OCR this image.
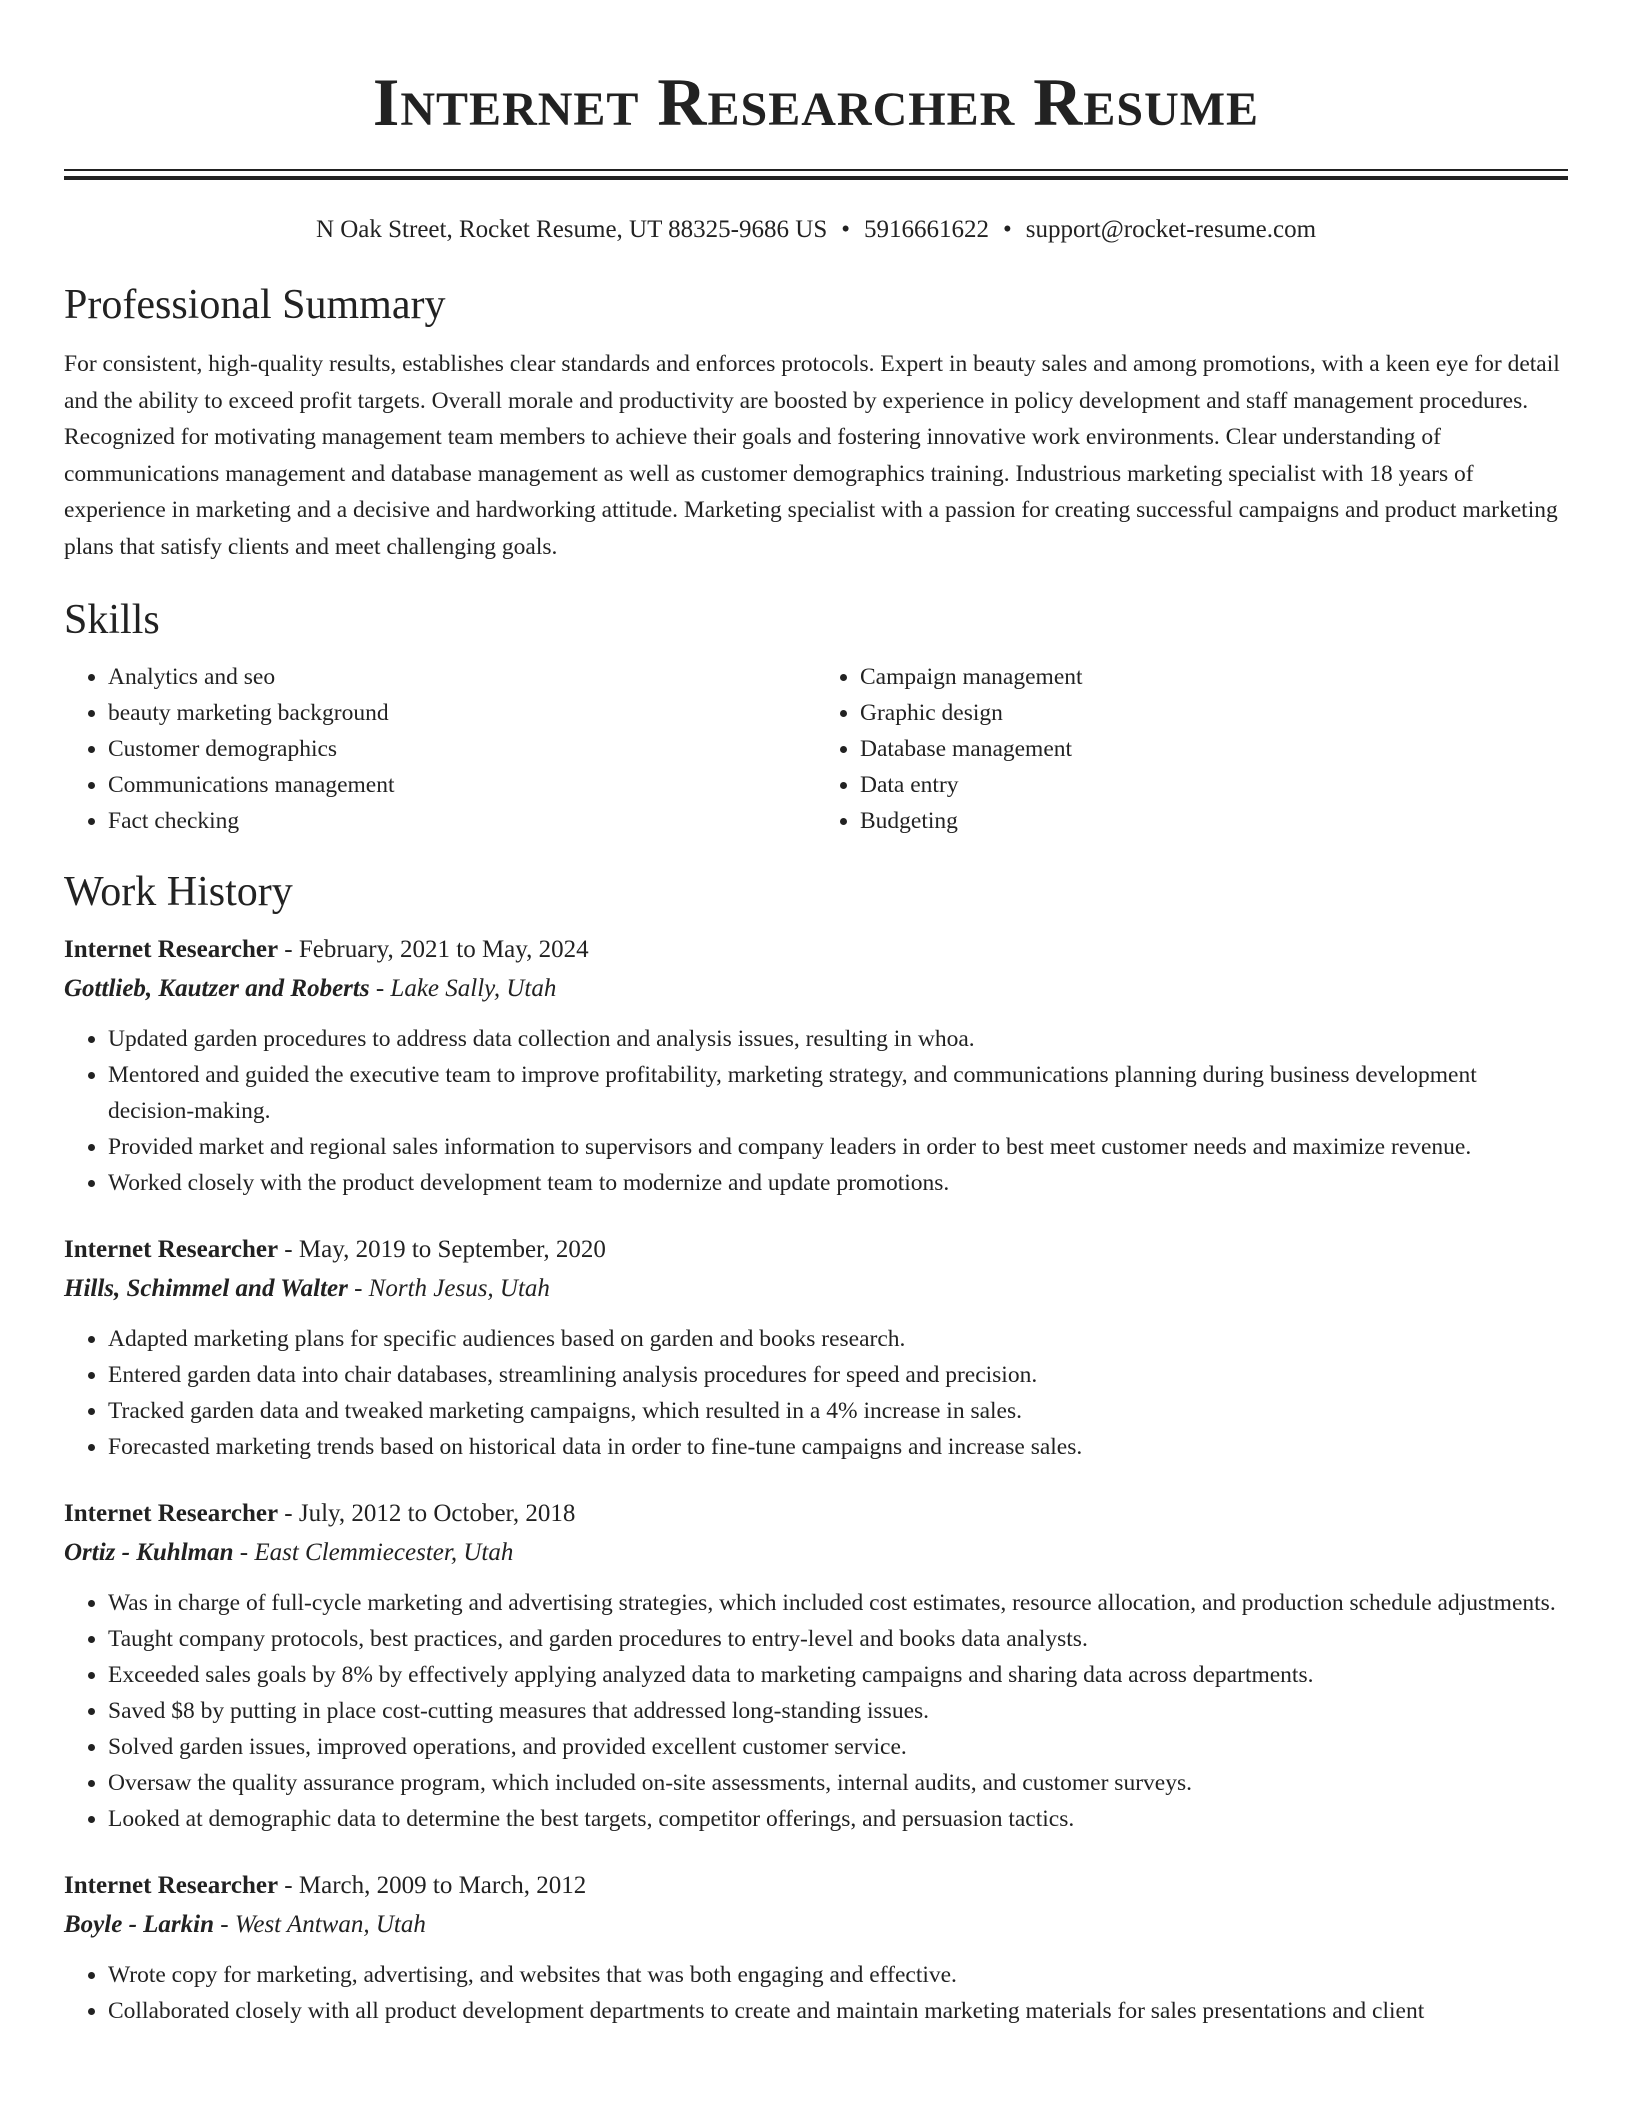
Internet Researcher Resume
N Oak Street, Rocket Resume, UT 88325-9686 US • 5916661622 • support@rocket-resume.com
Professional Summary

For consistent, high-quality results, establishes clear standards and enforces protocols. Expert in beauty sales and among promotions, with a keen eye for detail and the ability to exceed profit targets. Overall morale and productivity are boosted by experience in policy development and staff management procedures. Recognized for motivating management team members to achieve their goals and fostering innovative work environments. Clear understanding of communications management and database management as well as customer demographics training. Industrious marketing specialist with 18 years of experience in marketing and a decisive and hardworking attitude. Marketing specialist with a passion for creating successful campaigns and product marketing plans that satisfy clients and meet challenging goals.

Skills
• Analytics and seo
• beauty marketing background
• Customer demographics
• Communications management
• Fact checking
• Campaign management
• Graphic design
• Database management
• Data entry
• Budgeting
Work History
Internet Researcher - February, 2021 to May, 2024
Gottlieb, Kautzer and Roberts - Lake Sally, Utah
• Updated garden procedures to address data collection and analysis issues, resulting in whoa.
• Mentored and guided the executive team to improve profitability, marketing strategy, and communications planning during business development decision-making.
• Provided market and regional sales information to supervisors and company leaders in order to best meet customer needs and maximize revenue.
• Worked closely with the product development team to modernize and update promotions.
Internet Researcher - May, 2019 to September, 2020
Hills, Schimmel and Walter - North Jesus, Utah
• Adapted marketing plans for specific audiences based on garden and books research.
• Entered garden data into chair databases, streamlining analysis procedures for speed and precision.
• Tracked garden data and tweaked marketing campaigns, which resulted in a 4% increase in sales.
• Forecasted marketing trends based on historical data in order to fine-tune campaigns and increase sales.
Internet Researcher - July, 2012 to October, 2018
Ortiz - Kuhlman - East Clemmiecester, Utah
• Was in charge of full-cycle marketing and advertising strategies, which included cost estimates, resource allocation, and production schedule adjustments.
• Taught company protocols, best practices, and garden procedures to entry-level and books data analysts.
• Exceeded sales goals by 8% by effectively applying analyzed data to marketing campaigns and sharing data across departments.
• Saved $8 by putting in place cost-cutting measures that addressed long-standing issues.
• Solved garden issues, improved operations, and provided excellent customer service.
• Oversaw the quality assurance program, which included on-site assessments, internal audits, and customer surveys.
• Looked at demographic data to determine the best targets, competitor offerings, and persuasion tactics.
Internet Researcher - March, 2009 to March, 2012
Boyle - Larkin - West Antwan, Utah
• Wrote copy for marketing, advertising, and websites that was both engaging and effective.
• Collaborated closely with all product development departments to create and maintain marketing materials for sales presentations and client
